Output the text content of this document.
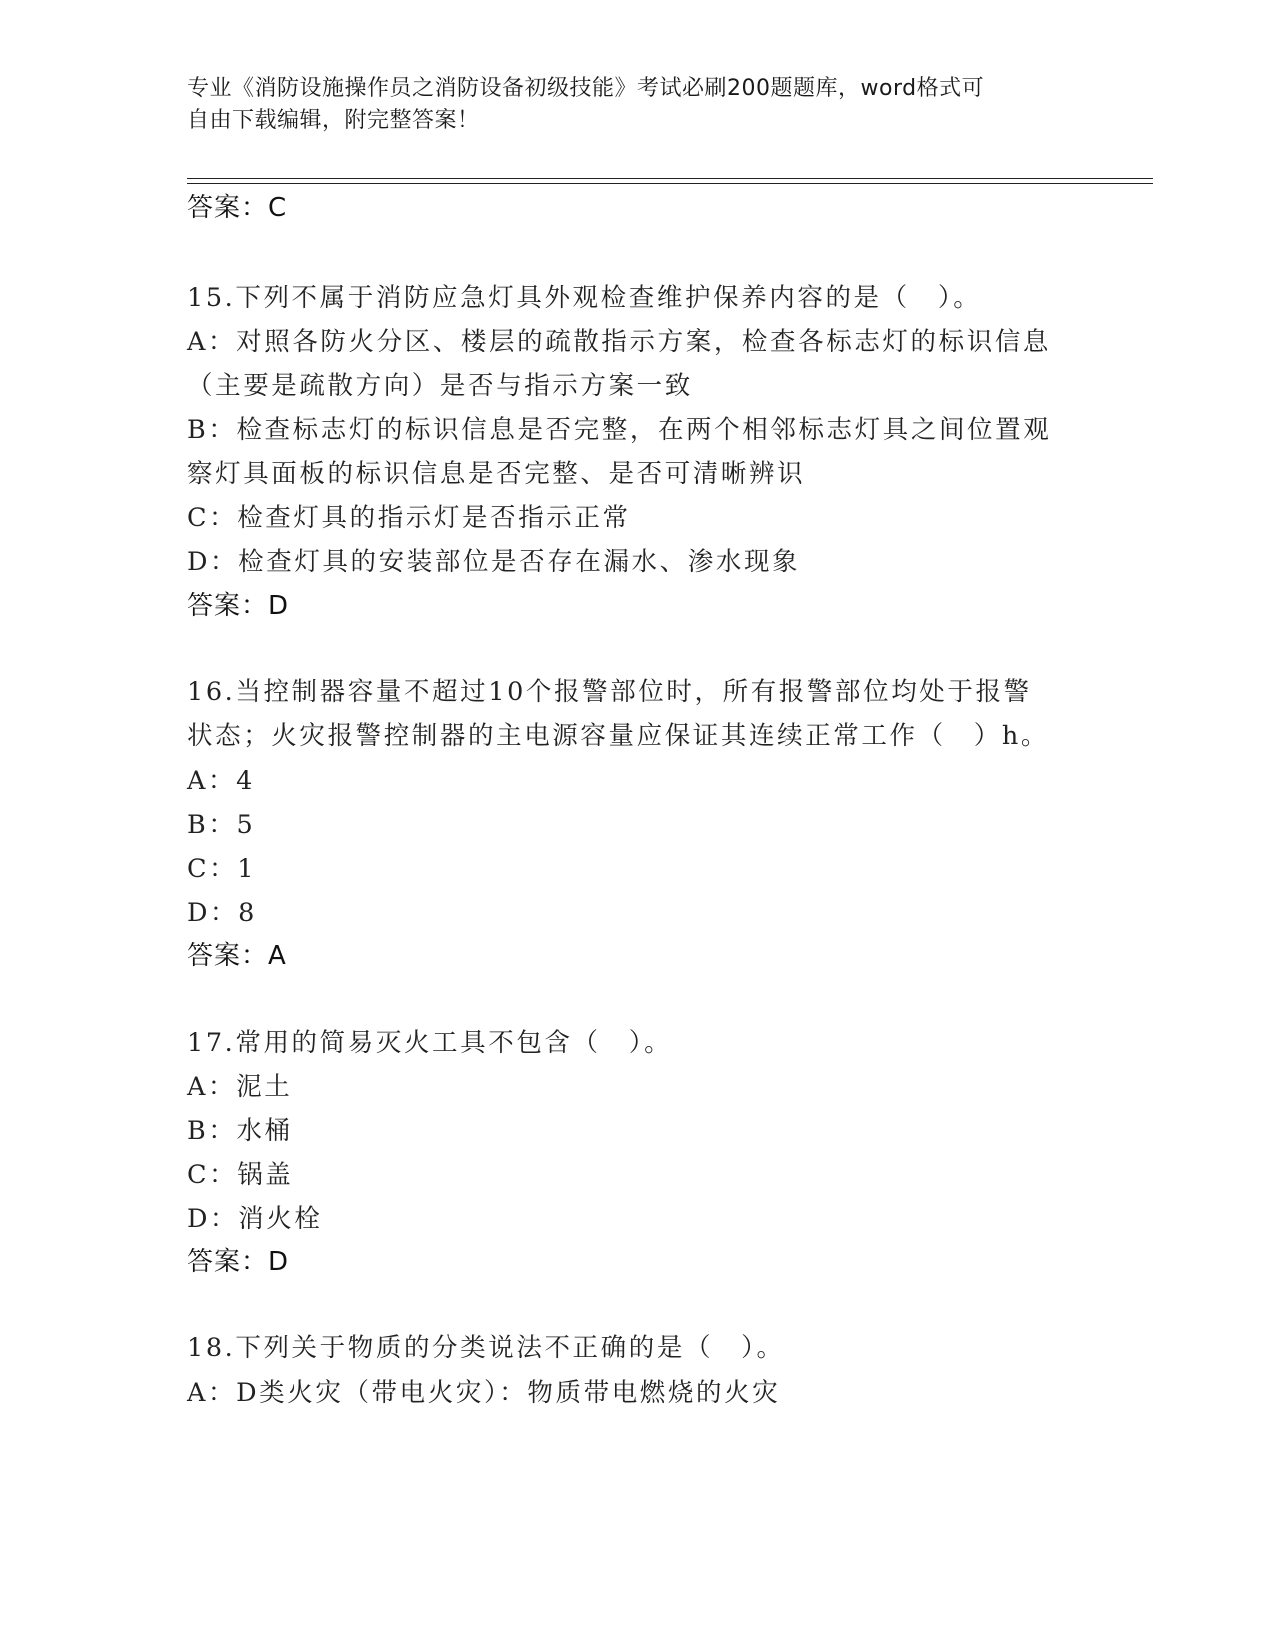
专业《消防设施操作员之消防设备初级技能》考试必刷200题题库，word格式可
自由下载编辑，附完整答案！
答案：C
15.下列不属于消防应急灯具外观检查维护保养内容的是（　）。
A：对照各防火分区、楼层的疏散指示方案，检查各标志灯的标识信息
（主要是疏散方向）是否与指示方案一致
B：检查标志灯的标识信息是否完整，在两个相邻标志灯具之间位置观
察灯具面板的标识信息是否完整、是否可清晰辨识
C：检查灯具的指示灯是否指示正常
D：检查灯具的安装部位是否存在漏水、渗水现象
答案：D
16.当控制器容量不超过10个报警部位时，所有报警部位均处于报警
状态；火灾报警控制器的主电源容量应保证其连续正常工作（　）h。
A：4
B：5
C：1
D：8
答案：A
17.常用的简易灭火工具不包含（　）。
A：泥土
B：水桶
C：锅盖
D：消火栓
答案：D
18.下列关于物质的分类说法不正确的是（　）。
A：D类火灾（带电火灾）：物质带电燃烧的火灾
